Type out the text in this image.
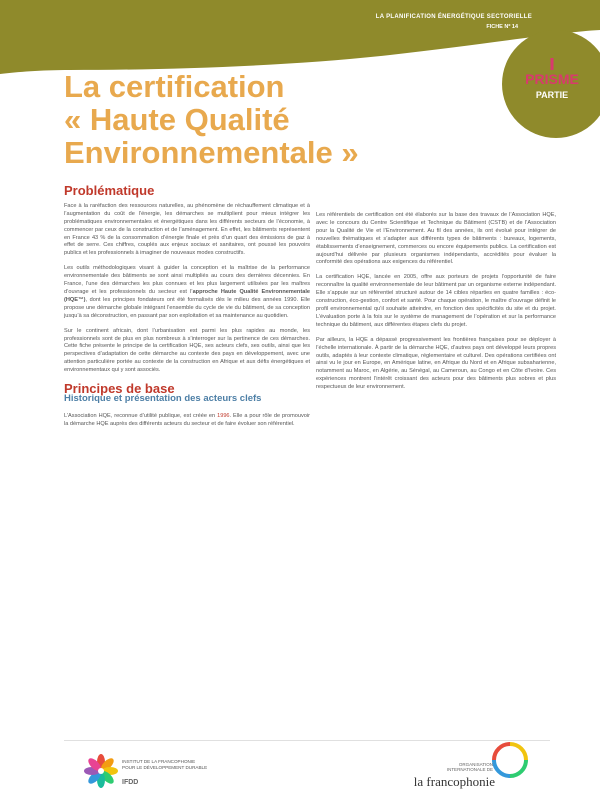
LA PLANIFICATION ÉNERGÉTIQUE SECTORIELLE
FICHE Nº 14
PRISME
PARTIE
La certification
« Haute Qualité
Environnementale »
Problématique

Face à la raréfaction des ressources naturelles, au phénomène de réchauffement climatique et à l’augmentation du coût de l’énergie, les démarches se multiplient pour mieux intégrer les problématiques environnementales et énergétiques dans les différents secteurs de l’économie, à commencer par ceux de la construction et de l’aménagement. En effet, les bâtiments représentent en France 43 % de la consommation d’énergie finale et près d’un quart des émissions de gaz à effet de serre. Ces chiffres, couplés aux enjeux sociaux et sanitaires, ont poussé les pouvoirs publics et les professionnels à imaginer de nouveaux modes constructifs.

Les outils méthodologiques visant à guider la conception et la maîtrise de la performance environnementale des bâtiments se sont ainsi multipliés au cours des dernières décennies. En France, l’une des démarches les plus connues et les plus largement utilisées par les maîtres d’ouvrage et les professionnels du secteur est l’approche Haute Qualité Environnementale (HQE™), dont les principes fondateurs ont été formalisés dès le milieu des années 1990. Elle propose une démarche globale intégrant l’ensemble du cycle de vie du bâtiment, de sa conception jusqu’à sa déconstruction, en passant par son exploitation et sa maintenance au quotidien.

Sur le continent africain, dont l’urbanisation est parmi les plus rapides au monde, les professionnels sont de plus en plus nombreux à s’interroger sur la pertinence de ces démarches. Cette fiche présente le principe de la certification HQE, ses acteurs clefs, ses outils, ainsi que les perspectives d’adaptation de cette démarche au contexte des pays en développement, avec une attention particulière portée au contexte de la construction en Afrique et aux défis énergétiques et environnementaux qui y sont associés.

Principes de base
Historique et présentation des acteurs clefs

L’Association HQE, reconnue d’utilité publique, est créée en 1996. Elle a pour rôle de promouvoir la démarche HQE auprès des différents acteurs du secteur et de faire évoluer son référentiel.

Les référentiels de certification ont été élaborés sur la base des travaux de l’Association HQE, avec le concours du Centre Scientifique et Technique du Bâtiment (CSTB) et de l’Association pour la Qualité de Vie et l’Environnement. Au fil des années, ils ont évolué pour intégrer de nouvelles thématiques et s’adapter aux différents types de bâtiments : bureaux, logements, établissements d’enseignement, commerces ou encore équipements publics. La certification est aujourd’hui délivrée par plusieurs organismes indépendants, accrédités pour évaluer la conformité des opérations aux exigences du référentiel.

La certification HQE, lancée en 2005, offre aux porteurs de projets l’opportunité de faire reconnaître la qualité environnementale de leur bâtiment par un organisme externe indépendant. Elle s’appuie sur un référentiel structuré autour de 14 cibles réparties en quatre familles : éco-construction, éco-gestion, confort et santé. Pour chaque opération, le maître d’ouvrage définit le profil environnemental qu’il souhaite atteindre, en fonction des spécificités du site et du projet. L’évaluation porte à la fois sur le système de management de l’opération et sur la performance technique du bâtiment, aux différentes étapes clefs du projet.

Par ailleurs, la HQE a dépassé progressivement les frontières françaises pour se déployer à l’échelle internationale. À partir de la démarche HQE, d’autres pays ont développé leurs propres outils, adaptés à leur contexte climatique, réglementaire et culturel. Des opérations certifiées ont ainsi vu le jour en Europe, en Amérique latine, en Afrique du Nord et en Afrique subsaharienne, notamment au Maroc, en Algérie, au Sénégal, au Cameroun, au Congo et en Côte d’Ivoire. Ces expériences montrent l’intérêt croissant des acteurs pour des bâtiments plus sobres et plus respectueux de leur environnement.

INSTITUT DE LA FRANCOPHONIE
POUR LE DÉVELOPPEMENT DURABLE
IFDD
ORGANISATION
INTERNATIONALE DE
la francophonie
